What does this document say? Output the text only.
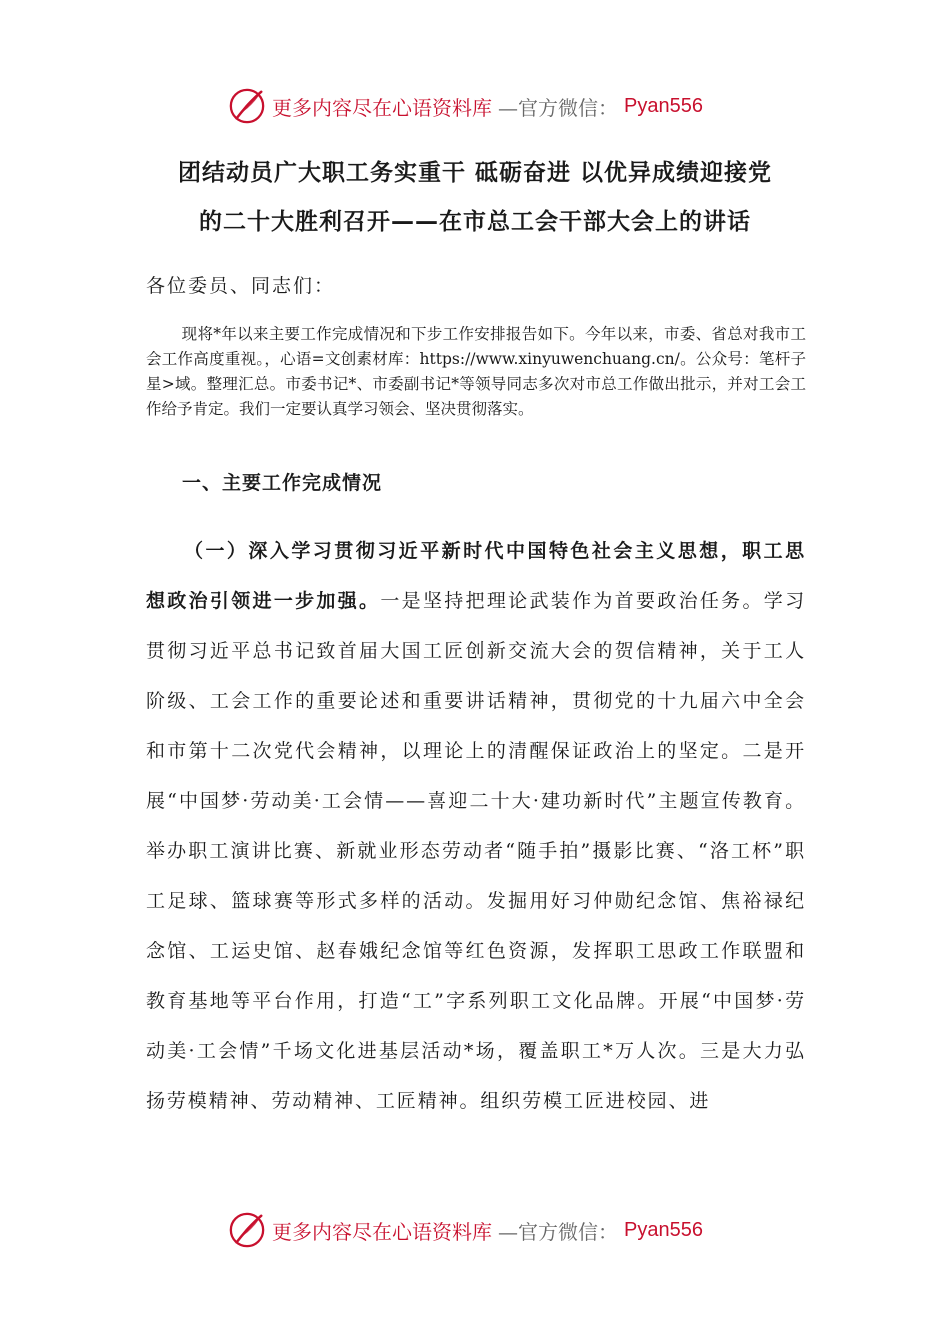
更多内容尽在心语资料库 —官方微信： Pyan556
团结动员广大职工务实重干 砥砺奋进 以优异成绩迎接党
的二十大胜利召开——在市总工会干部大会上的讲话
各位委员、同志们：

现将*年以来主要工作完成情况和下步工作安排报告如下。今年以来，市委、省总对我市工会工作高度重视。，心语=文创素材库：https://www.xinyuwenchuang.cn/。公众号：笔杆子星>域。整理汇总。市委书记*、市委副书记*等领导同志多次对市总工作做出批示，并对工会工作给予肯定。我们一定要认真学习领会、坚决贯彻落实。

一、主要工作完成情况

（一）深入学习贯彻习近平新时代中国特色社会主义思想，职工思想政治引领进一步加强。一是坚持把理论武装作为首要政治任务。学习贯彻习近平总书记致首届大国工匠创新交流大会的贺信精神，关于工人阶级、工会工作的重要论述和重要讲话精神，贯彻党的十九届六中全会和市第十二次党代会精神，以理论上的清醒保证政治上的坚定。二是开展“中国梦·劳动美·工会情——喜迎二十大·建功新时代”主题宣传教育。举办职工演讲比赛、新就业形态劳动者“随手拍”摄影比赛、“洛工杯”职工足球、篮球赛等形式多样的活动。发掘用好习仲勋纪念馆、焦裕禄纪念馆、工运史馆、赵春娥纪念馆等红色资源，发挥职工思政工作联盟和教育基地等平台作用，打造“工”字系列职工文化品牌。开展“中国梦·劳动美·工会情”千场文化进基层活动*场，覆盖职工*万人次。三是大力弘扬劳模精神、劳动精神、工匠精神。组织劳模工匠进校园、进

更多内容尽在心语资料库 —官方微信： Pyan556
